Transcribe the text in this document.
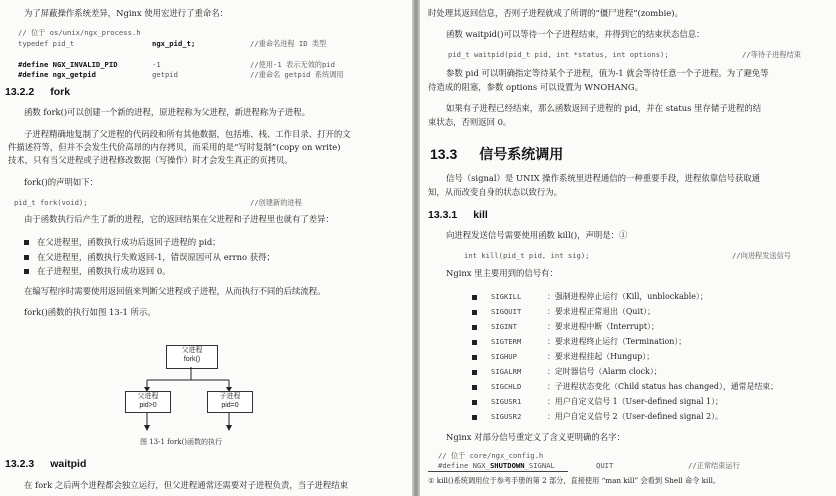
为了屏蔽操作系统差异，Nginx 使用宏进行了重命名：
// 位于 os/unix/ngx_process.h
typedef pid_t	ngx_pid_t;	//重命名进程 ID 类型
#define NGX_INVALID_PID	-1	//使用-1 表示无效的pid
#define ngx_getpid	getpid	//重命名 getpid 系统调用
13.2.2 fork
函数 fork()可以创建一个新的进程，原进程称为父进程，新进程称为子进程。
子进程精确地复制了父进程的代码段和所有其他数据，包括堆、栈、工作目录、打开的文
件描述符等，但并不会发生代价高昂的内存拷贝，而采用的是“写时复制”(copy on write)
技术，只有当父进程或子进程修改数据（写操作）时才会发生真正的页拷贝。
fork()的声明如下：
pid_t fork(void);	//创建新的进程
由于函数执行后产生了新的进程，它的返回结果在父进程和子进程里也就有了差异：
在父进程里，函数执行成功后返回子进程的 pid；
在父进程里，函数执行失败返回-1，错误原因可从 errno 获得；
在子进程里，函数执行成功返回 0。
在编写程序时需要使用返回值来判断父进程或子进程，从而执行不同的后续流程。
fork()函数的执行如图 13-1 所示。
父进程
fork()
父进程
pid>0
子进程
pid=0
图 13-1 fork()函数的执行
13.2.3 waitpid
在 fork 之后两个进程都会独立运行，但父进程通常还需要对子进程负责，当子进程结束
时处理其返回信息，否则子进程就成了所谓的“僵尸进程”(zombie)。
函数 waitpid()可以等待一个子进程结束，并得到它的结束状态信息：
pid_t waitpid(pid_t pid, int *status, int options);	//等待子进程结束
参数 pid 可以明确指定等待某个子进程，值为-1 就会等待任意一个子进程。为了避免等
待造成的阻塞，参数 options 可以设置为 WNOHANG。
如果有子进程已经结束，那么函数返回子进程的 pid，并在 status 里存储子进程的结
束状态，否则返回 0。
13.3 信号系统调用
信号（signal）是 UNIX 操作系统里进程通信的一种重要手段，进程依靠信号获取通
知，从而改变自身的状态以致行为。
13.3.1 kill
向进程发送信号需要使用函数 kill()，声明是：①
int kill(pid_t pid, int sig);	//向进程发送信号
Nginx 里主要用到的信号有：
SIGKILL	：强制进程停止运行（Kill，unblockable）；
SIGQUIT	：要求进程正常退出（Quit）；
SIGINT	：要求进程中断（Interrupt）；
SIGTERM	：要求进程终止运行（Termination）；
SIGHUP	：要求进程挂起（Hungup）；
SIGALRM	：定时器信号（Alarm clock）；
SIGCHLD	：子进程状态变化（Child status has changed），通常是结束；
SIGUSR1	：用户自定义信号 1（User-defined signal 1）；
SIGUSR2	：用户自定义信号 2（User-defined signal 2）。
Nginx 对部分信号重定义了含义更明确的名字：
// 位于 core/ngx_config.h
#define NGX_SHUTDOWN_SIGNAL	QUIT	//正常结束运行
① kill()系统调用位于参考手册的第 2 部分，直接使用 “man kill” 会看到 Shell 命令 kill。
